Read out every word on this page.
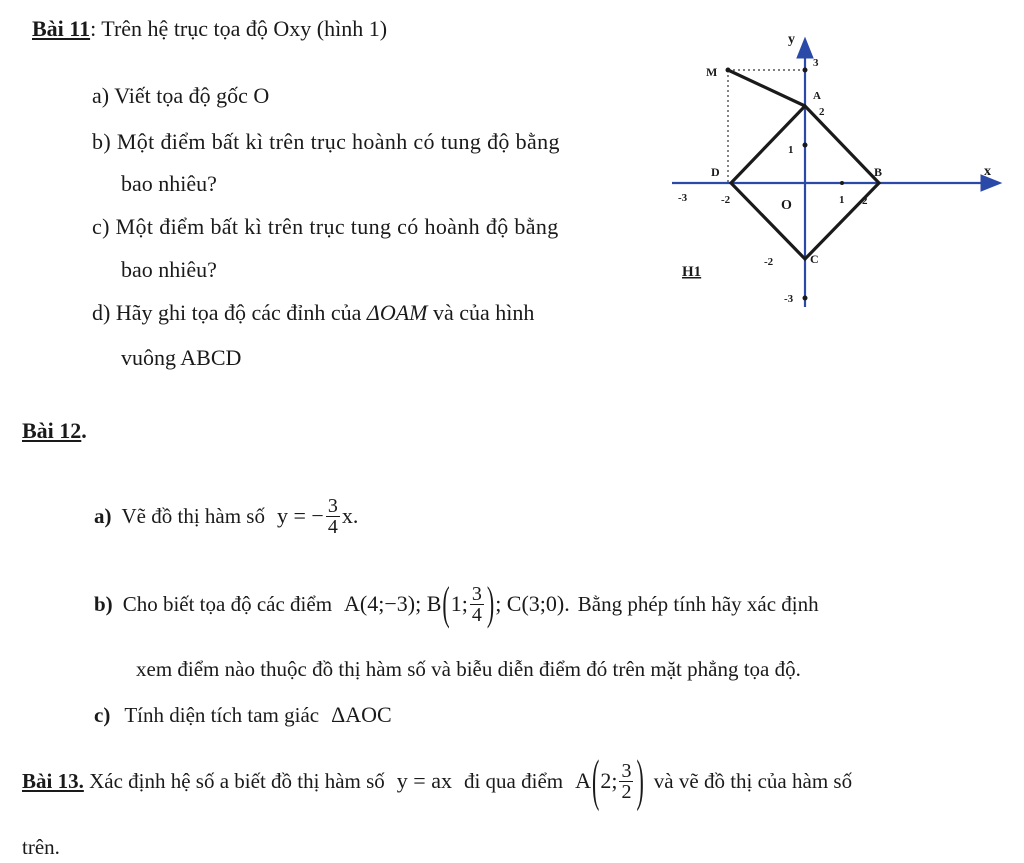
Bài 11: Trên hệ trục tọa độ Oxy (hình 1)
a) Viết tọa độ gốc O
b) Một điểm bất kì trên trục hoành có tung độ bằng
bao nhiêu?
c) Một điểm bất kì trên trục tung có hoành độ bằng
bao nhiêu?
d) Hãy ghi tọa độ các đỉnh của ΔOAM và của hình
vuông ABCD
y
x
M
3
A
2
1
D	B
-3	-2	O	1 2
H1
-2	C
-3
Bài 12.
a) Vẽ đồ thị hàm số y = − $\frac{3}{4} x$.
b) Cho biết tọa độ các điểm A(4;−3); B ( 1; $\frac{3}{4}$ ) ; C(3;0). Bằng phép tính hãy xác định
xem điểm nào thuộc đồ thị hàm số và biễu diễn điểm đó trên mặt phẳng tọa độ.
c) Tính diện tích tam giác ΔAOC
Bài 13. Xác định hệ số a biết đồ thị hàm số y = ax đi qua điểm A ( 2; $\frac{3}{2}$ ) và vẽ đồ thị của hàm số
trên.
